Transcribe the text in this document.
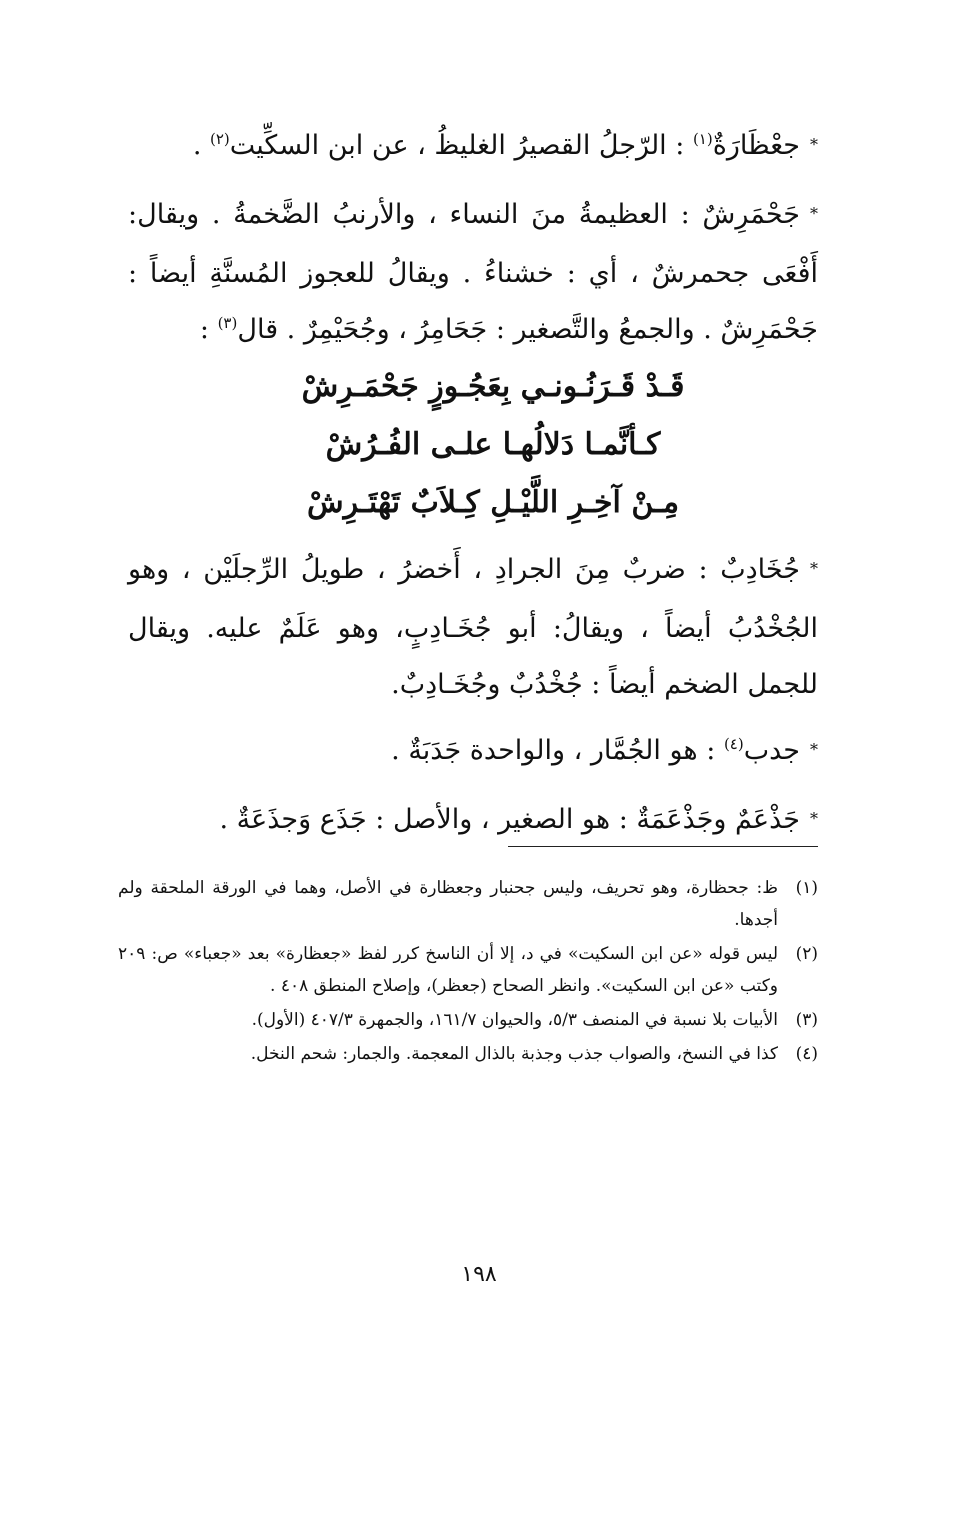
*جعْظَارَةٌ$^{(١)}$ : الرّجلُ القصيرُ الغليظُ ، عن ابن السكِّيت$^{(٢)}$ .

*جَحْمَرِشٌ : العظيمةُ منَ النساء ، والأرنبُ الضَّخمةُ . ويقال: أَفْعَى جحمرشٌ ، أي : خشناءُ . ويقالُ للعجوز المُسنَّةِ أيضاً : جَحْمَرِشٌ . والجمعُ والتَّصغير : جَحَامِرُ ، وجُحَيْمِرٌ . قال$^{(٣)}$ :

قَـدْ قَـرَنُـونـي بِعَجُـوزٍ جَحْمَـرِشْ
كـأنَّمـا دَلالُهـا علـى الفُـرُشْ
مِـنْ آخِـرِ اللَّيْـلِ كِـلاَبٌ تَهْتَـرِشْ

*جُخَادِبٌ : ضربٌ مِنَ الجرادِ ، أَخضرُ ، طويلُ الرِّجلَيْن ، وهو الجُخْدُبُ أيضاً ، ويقالُ: أبو جُخَـادِبٍ، وهو عَلَمٌ عليه. ويقال للجمل الضخم أيضاً : جُخْدُبٌ وجُخَـادِبٌ.

*جدب$^{(٤)}$ : هو الجُمَّار ، والواحدة جَدَبَةٌ .

*جَذْعَمٌ وجَذْعَمَةٌ : هو الصغير ، والأصل : جَذَع وَجذَعَةٌ .

(١)
ظ: جحظارة، وهو تحريف، وليس جحنبار وجعظارة في الأصل، وهما في الورقة الملحقة ولم أجدها.
(٢)
ليس قوله «عن ابن السكيت» في د، إلا أن الناسخ كرر لفظ «جعظارة» بعد «جعباء» ص: ٢٠٩ وكتب «عن ابن السكيت». وانظر الصحاح (جعظر)، وإصلاح المنطق ٤٠٨ .
(٣)
الأبيات بلا نسبة في المنصف ٥/٣، والحيوان ١٦١/٧، والجمهرة ٤٠٧/٣ (الأول).
(٤)
كذا في النسخ، والصواب جذب وجذبة بالذال المعجمة. والجمار: شحم النخل.
١٩٨
